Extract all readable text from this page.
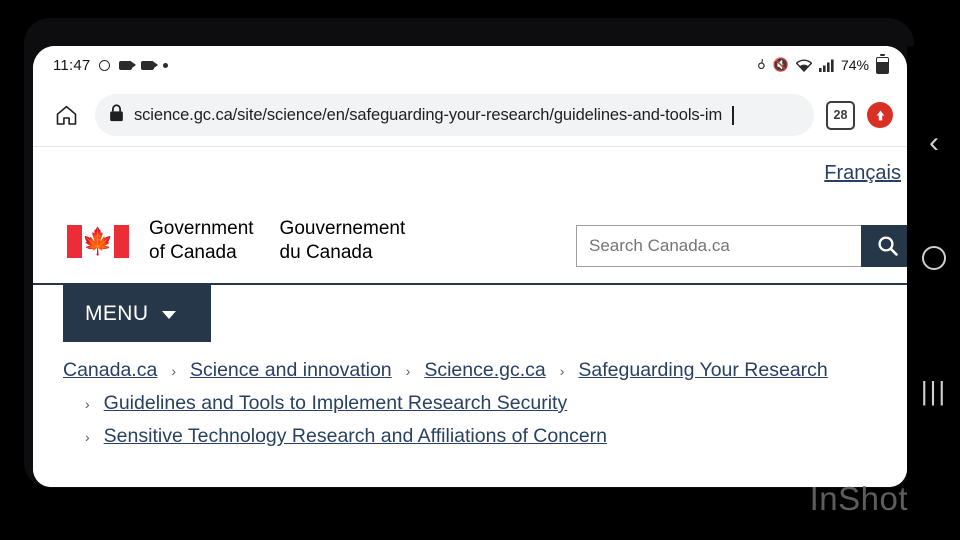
‹
|||
11:47	☌ 🔇	74%
science.gc.ca/site/science/en/safeguarding-your-research/guidelines-and-tools-im	28
Français
🍁 Government
of Canada
Gouvernement
du Canada
Search Canada.ca
MENU
Canada.ca › Science and innovation › Science.gc.ca › Safeguarding Your Research
› Guidelines and Tools to Implement Research Security
› Sensitive Technology Research and Affiliations of Concern
InShot
